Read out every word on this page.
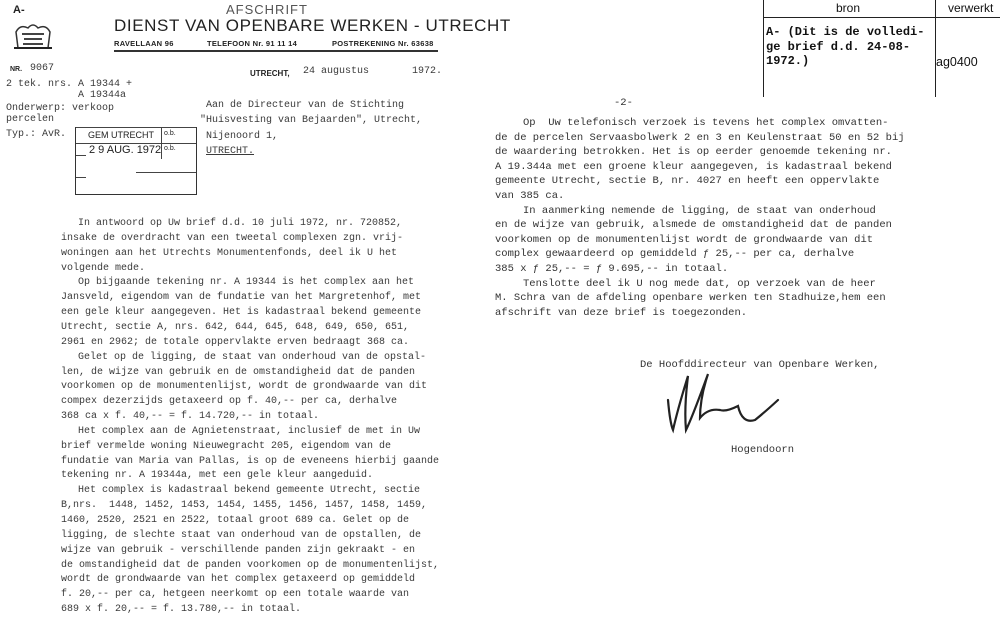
bron	verwerkt
A- (Dit is de volledi-
ge brief d.d. 24-08-
1972.)	ag0400
A-	AFSCHRIFT
DIENST VAN OPENBARE WERKEN - UTRECHT
RAVELLAAN 96	TELEFOON Nr. 91 11 14	POSTREKENING Nr. 63638
NR. 9067
2 tek. nrs. A 19344 +
A 19344a
Onderwerp: verkoop
percelen
Typ.: AvR.
UTRECHT, 24 augustus	1972.
GEM UTRECHT
2 9 AUG. 1972
o.b.
o.b.
Aan de Directeur van de Stichting
"Huisvesting van Bejaarden", Utrecht,
Nijenoord 1,
UTRECHT.
In antwoord op Uw brief d.d. 10 juli 1972, nr. 720852,
insake de overdracht van een tweetal complexen zgn. vrij-
woningen aan het Utrechts Monumentenfonds, deel ik U het
volgende mede.
Op bijgaande tekening nr. A 19344 is het complex aan het
Jansveld, eigendom van de fundatie van het Margretenhof, met
een gele kleur aangegeven. Het is kadastraal bekend gemeente
Utrecht, sectie A, nrs. 642, 644, 645, 648, 649, 650, 651,
2961 en 2962; de totale oppervlakte erven bedraagt 368 ca.
Gelet op de ligging, de staat van onderhoud van de opstal-
len, de wijze van gebruik en de omstandigheid dat de panden
voorkomen op de monumentenlijst, wordt de grondwaarde van dit
compex dezerzijds getaxeerd op f. 40,-- per ca, derhalve
368 ca x f. 40,-- = f. 14.720,-- in totaal.
Het complex aan de Agnietenstraat, inclusief de met in Uw
brief vermelde woning Nieuwegracht 205, eigendom van de
fundatie van Maria van Pallas, is op de eveneens hierbij gaande
tekening nr. A 19344a, met een gele kleur aangeduid.
Het complex is kadastraal bekend gemeente Utrecht, sectie
B,nrs.  1448, 1452, 1453, 1454, 1455, 1456, 1457, 1458, 1459,
1460, 2520, 2521 en 2522, totaal groot 689 ca. Gelet op de
ligging, de slechte staat van onderhoud van de opstallen, de
wijze van gebruik - verschillende panden zijn gekraakt - en
de omstandigheid dat de panden voorkomen op de monumentenlijst,
wordt de grondwaarde van het complex getaxeerd op gemiddeld
f. 20,-- per ca, hetgeen neerkomt op een totale waarde van
689 x f. 20,-- = f. 13.780,-- in totaal.
-2-
Op  Uw telefonisch verzoek is tevens het complex omvatten-
de de percelen Servaasbolwerk 2 en 3 en Keulenstraat 50 en 52 bij
de waardering betrokken. Het is op eerder genoemde tekening nr.
A 19.344a met een groene kleur aangegeven, is kadastraal bekend
gemeente Utrecht, sectie B, nr. 4027 en heeft een oppervlakte
van 385 ca.
In aanmerking nemende de ligging, de staat van onderhoud
en de wijze van gebruik, alsmede de omstandigheid dat de panden
voorkomen op de monumentenlijst wordt de grondwaarde van dit
complex gewaardeerd op gemiddeld ƒ 25,-- per ca, derhalve
385 x ƒ 25,-- = ƒ 9.695,-- in totaal.
Tenslotte deel ik U nog mede dat, op verzoek van de heer
M. Schra van de afdeling openbare werken ten Stadhuize,hem een
afschrift van deze brief is toegezonden.
De Hoofddirecteur van Openbare Werken,
Hogendoorn
